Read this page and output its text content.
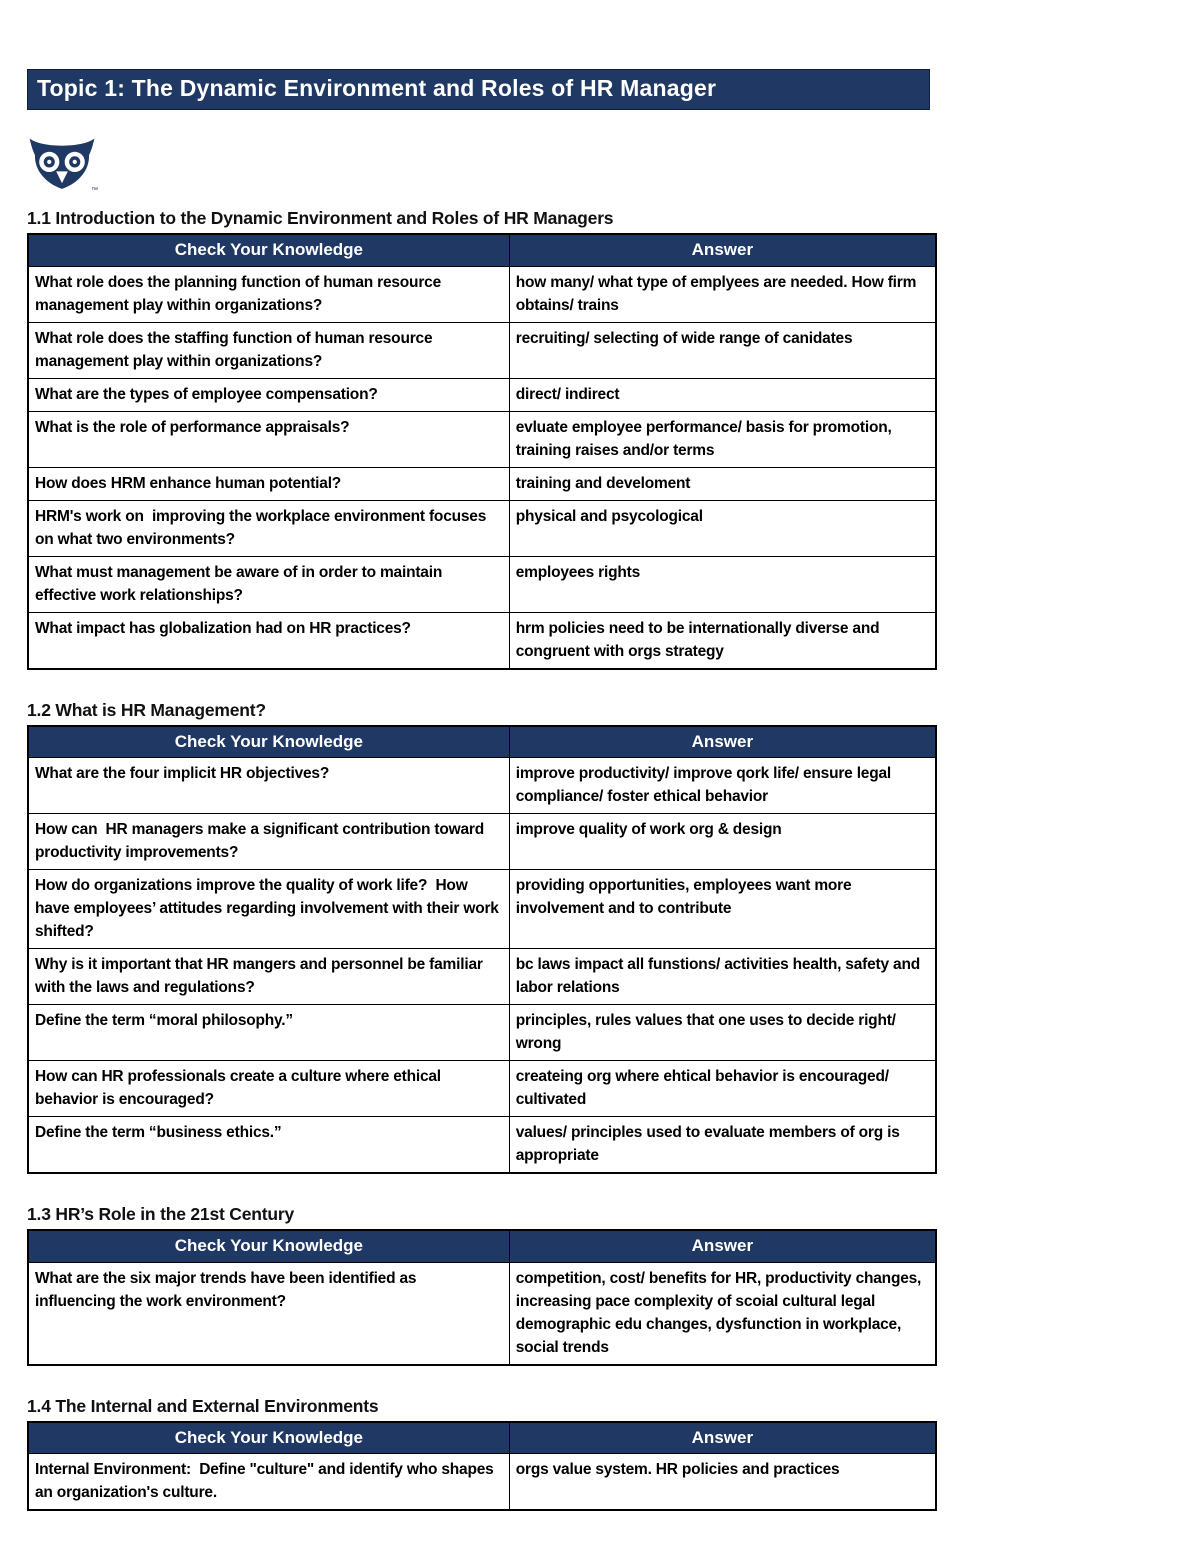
Topic 1: The Dynamic Environment and Roles of HR Manager
™
1.1 Introduction to the Dynamic Environment and Roles of HR Managers
Check Your Knowledge	Answer
What role does the planning function of human resource management play within organizations?	how many/ what type of emplyees are needed. How firm obtains/ trains
What role does the staffing function of human resource management play within organizations?	recruiting/ selecting of wide range of canidates
What are the types of employee compensation?	direct/ indirect
What is the role of performance appraisals?	evluate employee performance/ basis for promotion, training raises and/or terms
How does HRM enhance human potential?	training and develoment
HRM's work on  improving the workplace environment focuses on what two environments?	physical and psycological
What must management be aware of in order to maintain effective work relationships?	employees rights
What impact has globalization had on HR practices?	hrm policies need to be internationally diverse and congruent with orgs strategy
1.2 What is HR Management?
Check Your Knowledge	Answer
What are the four implicit HR objectives?	improve productivity/ improve qork life/ ensure legal compliance/ foster ethical behavior
How can  HR managers make a significant contribution toward productivity improvements?	improve quality of work org & design
How do organizations improve the quality of work life?  How have employees’ attitudes regarding involvement with their work shifted?	providing opportunities, employees want more involvement and to contribute
Why is it important that HR mangers and personnel be familiar with the laws and regulations?	bc laws impact all funstions/ activities health, safety and labor relations
Define the term “moral philosophy.”	principles, rules values that one uses to decide right/ wrong
How can HR professionals create a culture where ethical behavior is encouraged?	createing org where ehtical behavior is encouraged/ cultivated
Define the term “business ethics.”	values/ principles used to evaluate members of org is appropriate
1.3 HR’s Role in the 21st Century
Check Your Knowledge	Answer
What are the six major trends have been identified as influencing the work environment?	competition, cost/ benefits for HR, productivity changes, increasing pace complexity of scoial cultural legal demographic edu changes, dysfunction in workplace, social trends
1.4 The Internal and External Environments
Check Your Knowledge	Answer
Internal Environment:  Define "culture" and identify who shapes an organization's culture.	orgs value system. HR policies and practices
